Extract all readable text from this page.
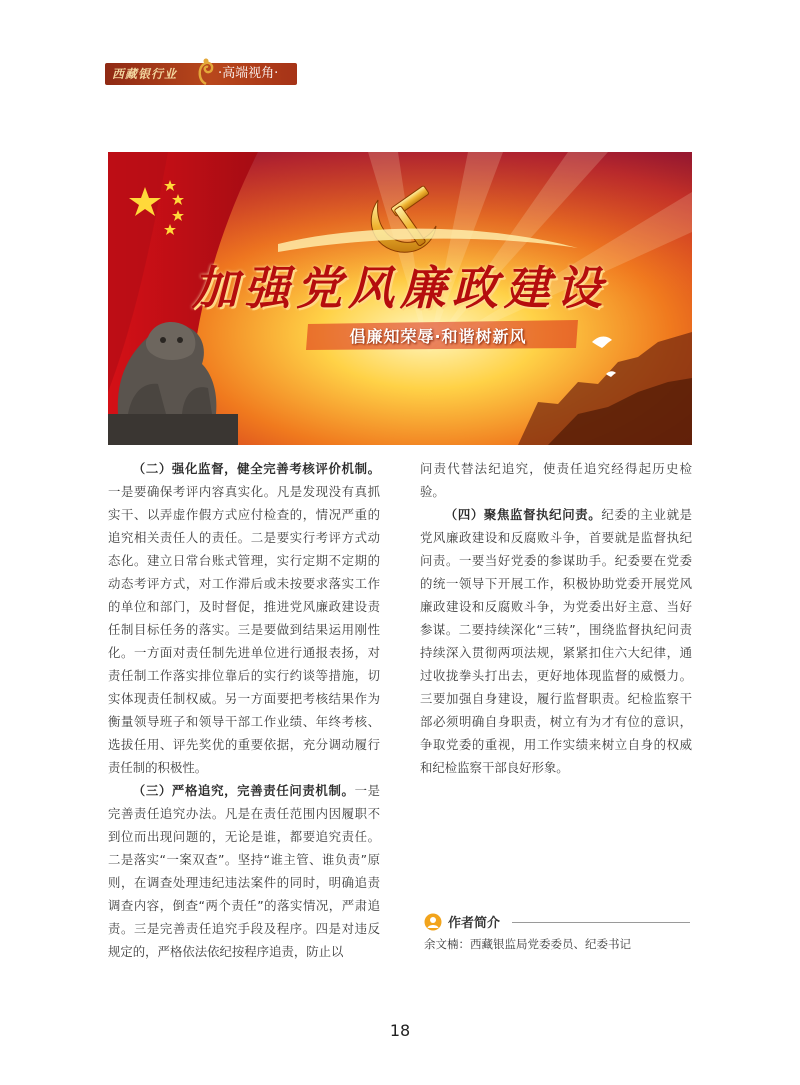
西藏银行业	·高端视角·
加强党风廉政建设
倡廉知荣辱·和谐树新风

（二）强化监督，健全完善考核评价机制。一是要确保考评内容真实化。凡是发现没有真抓实干、以弄虚作假方式应付检查的，情况严重的追究相关责任人的责任。二是要实行考评方式动态化。建立日常台账式管理，实行定期不定期的动态考评方式，对工作滞后或未按要求落实工作的单位和部门，及时督促，推进党风廉政建设责任制目标任务的落实。三是要做到结果运用刚性化。一方面对责任制先进单位进行通报表扬，对责任制工作落实排位靠后的实行约谈等措施，切实体现责任制权威。另一方面要把考核结果作为衡量领导班子和领导干部工作业绩、年终考核、选拔任用、评先奖优的重要依据，充分调动履行责任制的积极性。

（三）严格追究，完善责任问责机制。一是完善责任追究办法。凡是在责任范围内因履职不到位而出现问题的，无论是谁，都要追究责任。二是落实“一案双查”。坚持“谁主管、谁负责”原则，在调查处理违纪违法案件的同时，明确追责调查内容，倒查“两个责任”的落实情况，严肃追责。三是完善责任追究手段及程序。四是对违反规定的，严格依法依纪按程序追责，防止以

问责代替法纪追究，使责任追究经得起历史检验。

（四）聚焦监督执纪问责。纪委的主业就是党风廉政建设和反腐败斗争，首要就是监督执纪问责。一要当好党委的参谋助手。纪委要在党委的统一领导下开展工作，积极协助党委开展党风廉政建设和反腐败斗争，为党委出好主意、当好参谋。二要持续深化“三转”，围绕监督执纪问责持续深入贯彻两项法规，紧紧扣住六大纪律，通过收拢拳头打出去，更好地体现监督的威慑力。三要加强自身建设，履行监督职责。纪检监察干部必须明确自身职责，树立有为才有位的意识，争取党委的重视，用工作实绩来树立自身的权威和纪检监察干部良好形象。

作者简介
余文楠：西藏银监局党委委员、纪委书记
18
